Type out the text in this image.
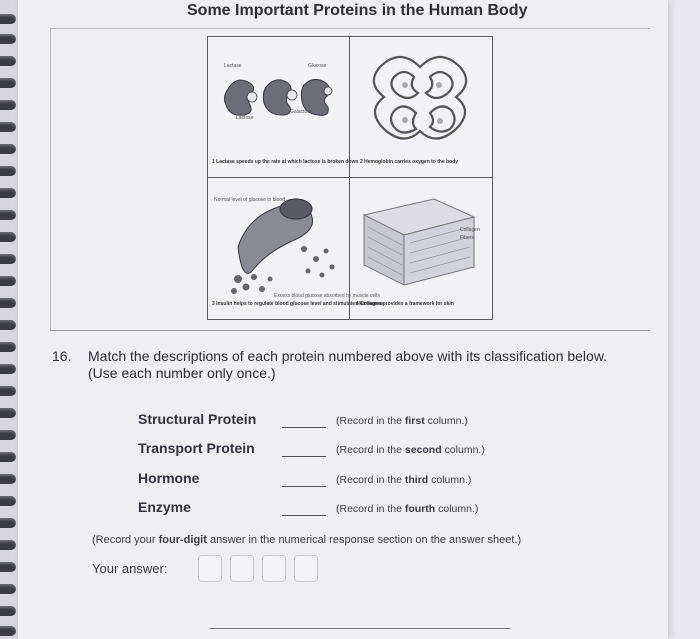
Some Important Proteins in the Human Body
Lactase	Glucose
Lactose
Galactose
1 Lactase speeds up the rate at which lactose is broken down 2 Hemoglobin carries oxygen to the body
Normal level of glucose in blood
Excess blood glucose absorbed by muscle cells
3 Insulin helps to regulate blood glucose level and stimulates hormones
Collagen
Fibers
4 Collagen provides a framework for skin
16. Match the descriptions of each protein numbered above with its classification below. (Use each number only once.)
Structural Protein	(Record in the first column.)
Transport Protein	(Record in the second column.)
Hormone	(Record in the third column.)
Enzyme	(Record in the fourth column.)
(Record your four-digit answer in the numerical response section on the answer sheet.)
Your answer:
